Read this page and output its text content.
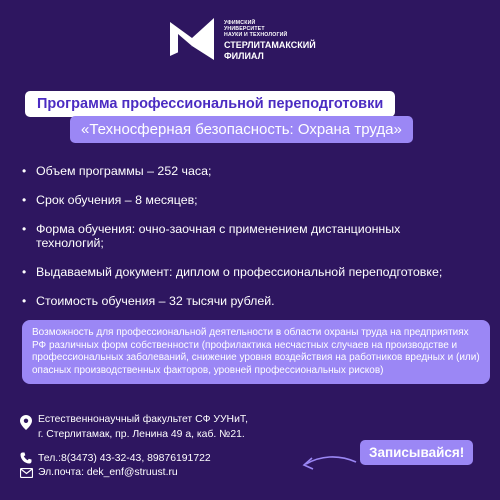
УФИМСКИЙ
УНИВЕРСИТЕТ
НАУКИ И ТЕХНОЛОГИЙ
СТЕРЛИТАМАКСКИЙ
ФИЛИАЛ
Программа профессиональной переподготовки
«Техносферная безопасность: Охрана труда»
• Объем программы – 252 часа;
• Срок обучения – 8 месяцев;
• Форма обучения: очно-заочная с применением дистанционных технологий;
• Выдаваемый документ: диплом о профессиональной переподготовке;
• Стоимость обучения – 32 тысячи рублей.
Возможность для профессиональной деятельности в области охраны труда на предприятиях РФ различных форм собственности (профилактика несчастных случаев на производстве и профессиональных заболеваний, снижение уровня воздействия на работников вредных и (или) опасных производственных факторов, уровней профессиональных рисков)
Естественнонаучный факультет СФ УУНиТ,
г. Стерлитамак, пр. Ленина 49 а, каб. №21.
Тел.:8(3473) 43-32-43, 89876191722
Эл.почта: dek_enf@struust.ru
Записывайся!
